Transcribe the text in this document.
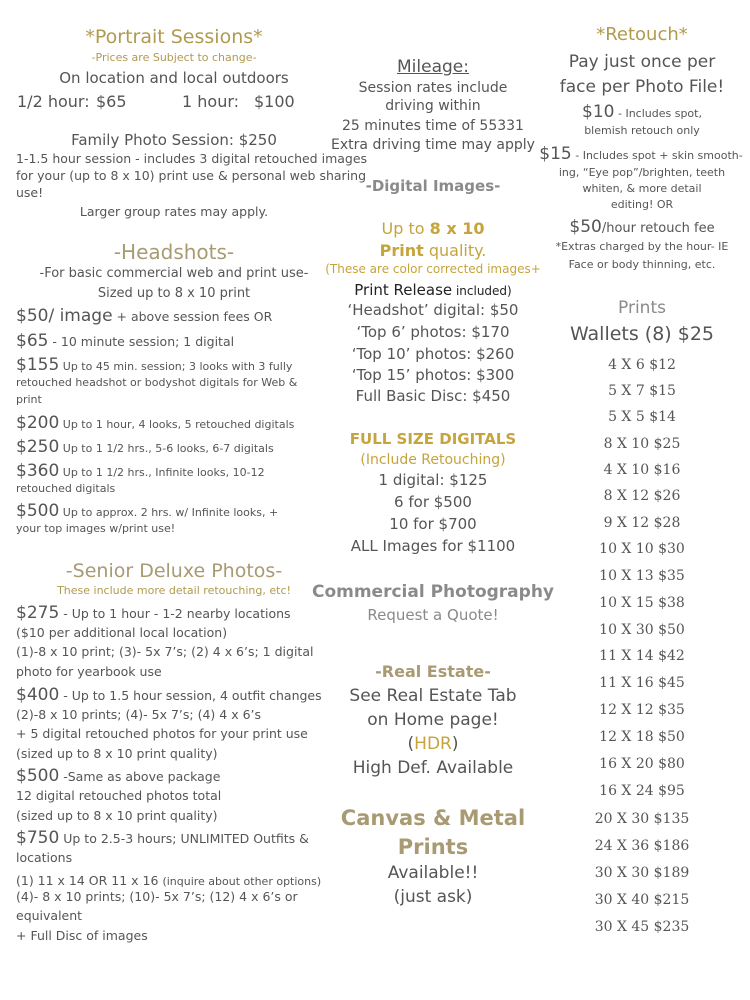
*Portrait Sessions*
-Prices are Subject to change-
On location and local outdoors
1/2 hour: $65	1 hour: $100
Family Photo Session: $250
1-1.5 hour session - includes 3 digital retouched images
for your (up to 8 x 10) print use & personal web sharing
use!
Larger group rates may apply.
-Headshots-
-For basic commercial web and print use-
Sized up to 8 x 10 print
$50/ image + above session fees OR
$65 - 10 minute session; 1 digital
$155 Up to 45 min. session; 3 looks with 3 fully
retouched headshot or bodyshot digitals for Web &
print
$200 Up to 1 hour, 4 looks, 5 retouched digitals
$250 Up to 1 1/2 hrs., 5-6 looks, 6-7 digitals
$360 Up to 1 1/2 hrs., Infinite looks, 10-12
retouched digitals
$500 Up to approx. 2 hrs. w/ Infinite looks, +
your top images w/print use!
-Senior Deluxe Photos-
These include more detail retouching, etc!
$275 - Up to 1 hour - 1-2 nearby locations
($10 per additional local location)
(1)-8 x 10 print; (3)- 5x 7’s; (2) 4 x 6’s; 1 digital
photo for yearbook use
$400 - Up to 1.5 hour session, 4 outfit changes
(2)-8 x 10 prints; (4)- 5x 7’s; (4) 4 x 6’s
+ 5 digital retouched photos for your print use
(sized up to 8 x 10 print quality)
$500 -Same as above package
12 digital retouched photos total
(sized up to 8 x 10 print quality)
$750 Up to 2.5-3 hours; UNLIMITED Outfits &
locations
(1) 11 x 14 OR 11 x 16 (inquire about other options)
(4)- 8 x 10 prints; (10)- 5x 7’s; (12) 4 x 6’s or
equivalent
+ Full Disc of images
Mileage:
Session rates include
driving within
25 minutes time of 55331
Extra driving time may apply
-Digital Images-
Up to 8 x 10
Print quality.
(These are color corrected images+
Print Release included)
‘Headshot’ digital: $50
‘Top 6’ photos: $170
‘Top 10’ photos: $260
‘Top 15’ photos: $300
Full Basic Disc: $450
FULL SIZE DIGITALS
(Include Retouching)
1 digital: $125
6 for $500
10 for $700
ALL Images for $1100
Commercial Photography
Request a Quote!
-Real Estate-
See Real Estate Tab
on Home page!
(HDR)
High Def. Available
Canvas & Metal
Prints
Available!!
(just ask)
*Retouch*
Pay just once per
face per Photo File!
$10 - Includes spot,
blemish retouch only
$15 - Includes spot + skin smooth-
ing, “Eye pop”/brighten, teeth
whiten, & more detail
editing! OR
$50/hour retouch fee
*Extras charged by the hour- IE
Face or body thinning, etc.
Prints
Wallets (8) $25
4 X 6 $12
5 X 7 $15
5 X 5 $14
8 X 10 $25
4 X 10 $16
8 X 12 $26
9 X 12 $28
10 X 10 $30
10 X 13 $35
10 X 15 $38
10 X 30 $50
11 X 14 $42
11 X 16 $45
12 X 12 $35
12 X 18 $50
16 X 20 $80
16 X 24 $95
20 X 30 $135
24 X 36 $186
30 X 30 $189
30 X 40 $215
30 X 45 $235
